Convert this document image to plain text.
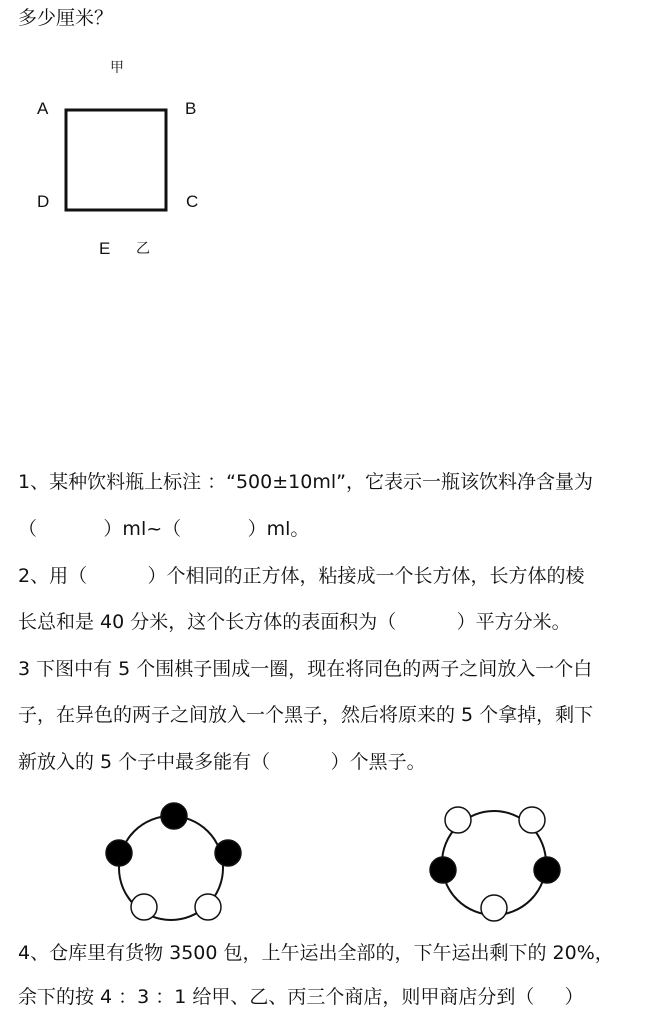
多少厘米？
甲
A	B
D	C
E 乙
1、某种饮料瓶上标注 ：“500±10ml”，它表示一瓶该饮料净含量为
（           ）ml~（           ）ml。
2、用（          ）个相同的正方体，粘接成一个长方体，长方体的棱
长总和是 40 分米，这个长方体的表面积为（          ）平方分米。
3 下图中有 5 个围棋子围成一圈，现在将同色的两子之间放入一个白
子，在异色的两子之间放入一个黑子，然后将原来的 5 个拿掉，剩下
新放入的 5 个子中最多能有（          ）个黑子。
4、仓库里有货物 3500 包，上午运出全部的，下午运出剩下的 20%，
余下的按 4 ：3 ：1 给甲、乙、丙三个商店，则甲商店分到（     ）
